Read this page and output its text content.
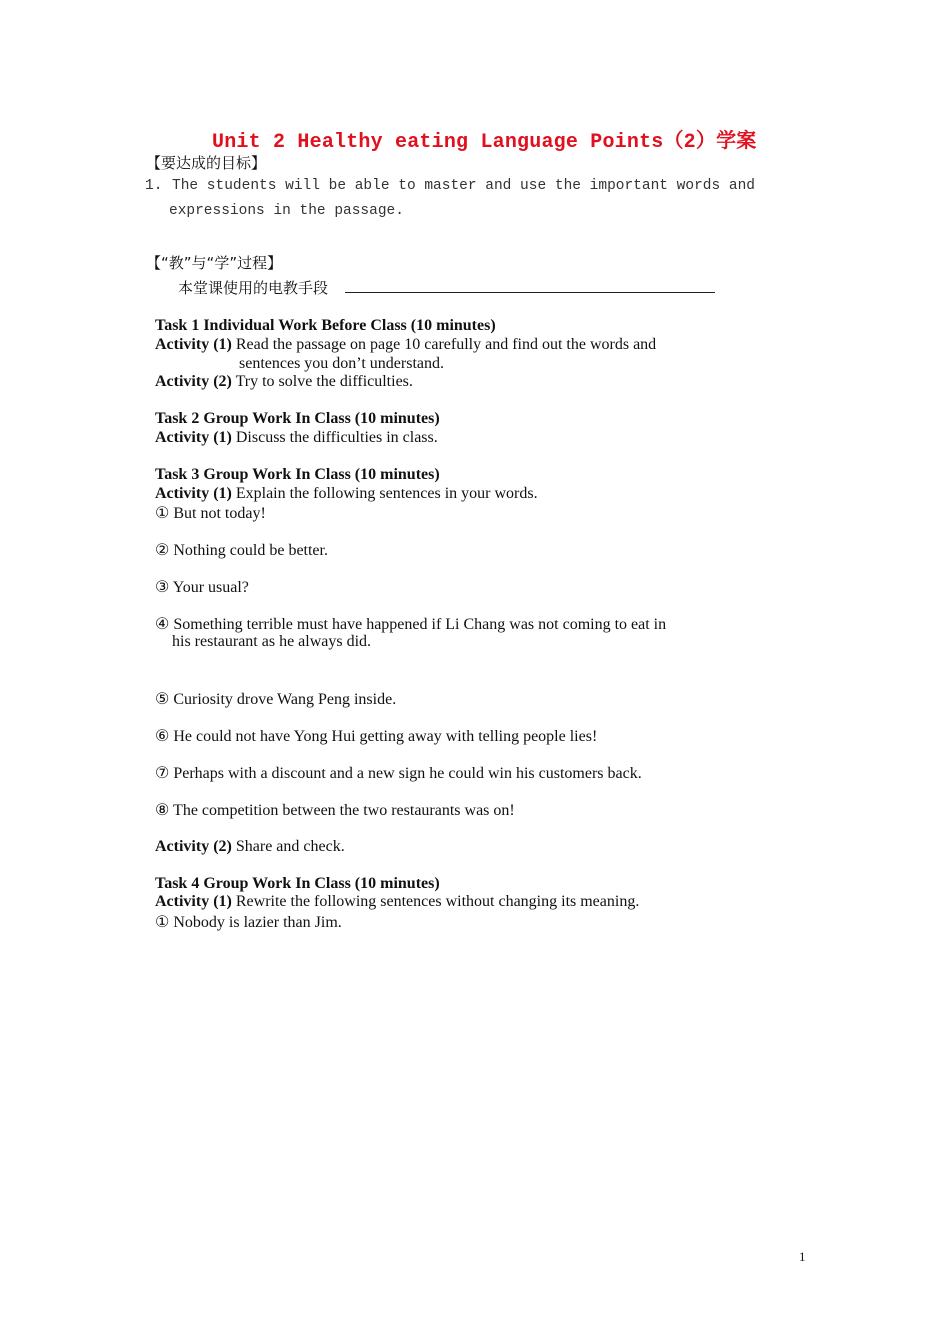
Unit 2 Healthy eating Language Points（2）学案
【要达成的目标】
1. The students will be able to master and use the important words and
expressions in the passage.
【“教”与“学”过程】
本堂课使用的电教手段
Task 1 Individual Work Before Class (10 minutes)
Activity (1) Read the passage on page 10 carefully and find out the words and
sentences you don’t understand.
Activity (2) Try to solve the difficulties.
Task 2 Group Work In Class (10 minutes)
Activity (1) Discuss the difficulties in class.
Task 3 Group Work In Class (10 minutes)
Activity (1) Explain the following sentences in your words.
① But not today!
② Nothing could be better.
③ Your usual?
④ Something terrible must have happened if Li Chang was not coming to eat in
his restaurant as he always did.
⑤ Curiosity drove Wang Peng inside.
⑥ He could not have Yong Hui getting away with telling people lies!
⑦ Perhaps with a discount and a new sign he could win his customers back.
⑧ The competition between the two restaurants was on!
Activity (2) Share and check.
Task 4 Group Work In Class (10 minutes)
Activity (1) Rewrite the following sentences without changing its meaning.
① Nobody is lazier than Jim.
1
